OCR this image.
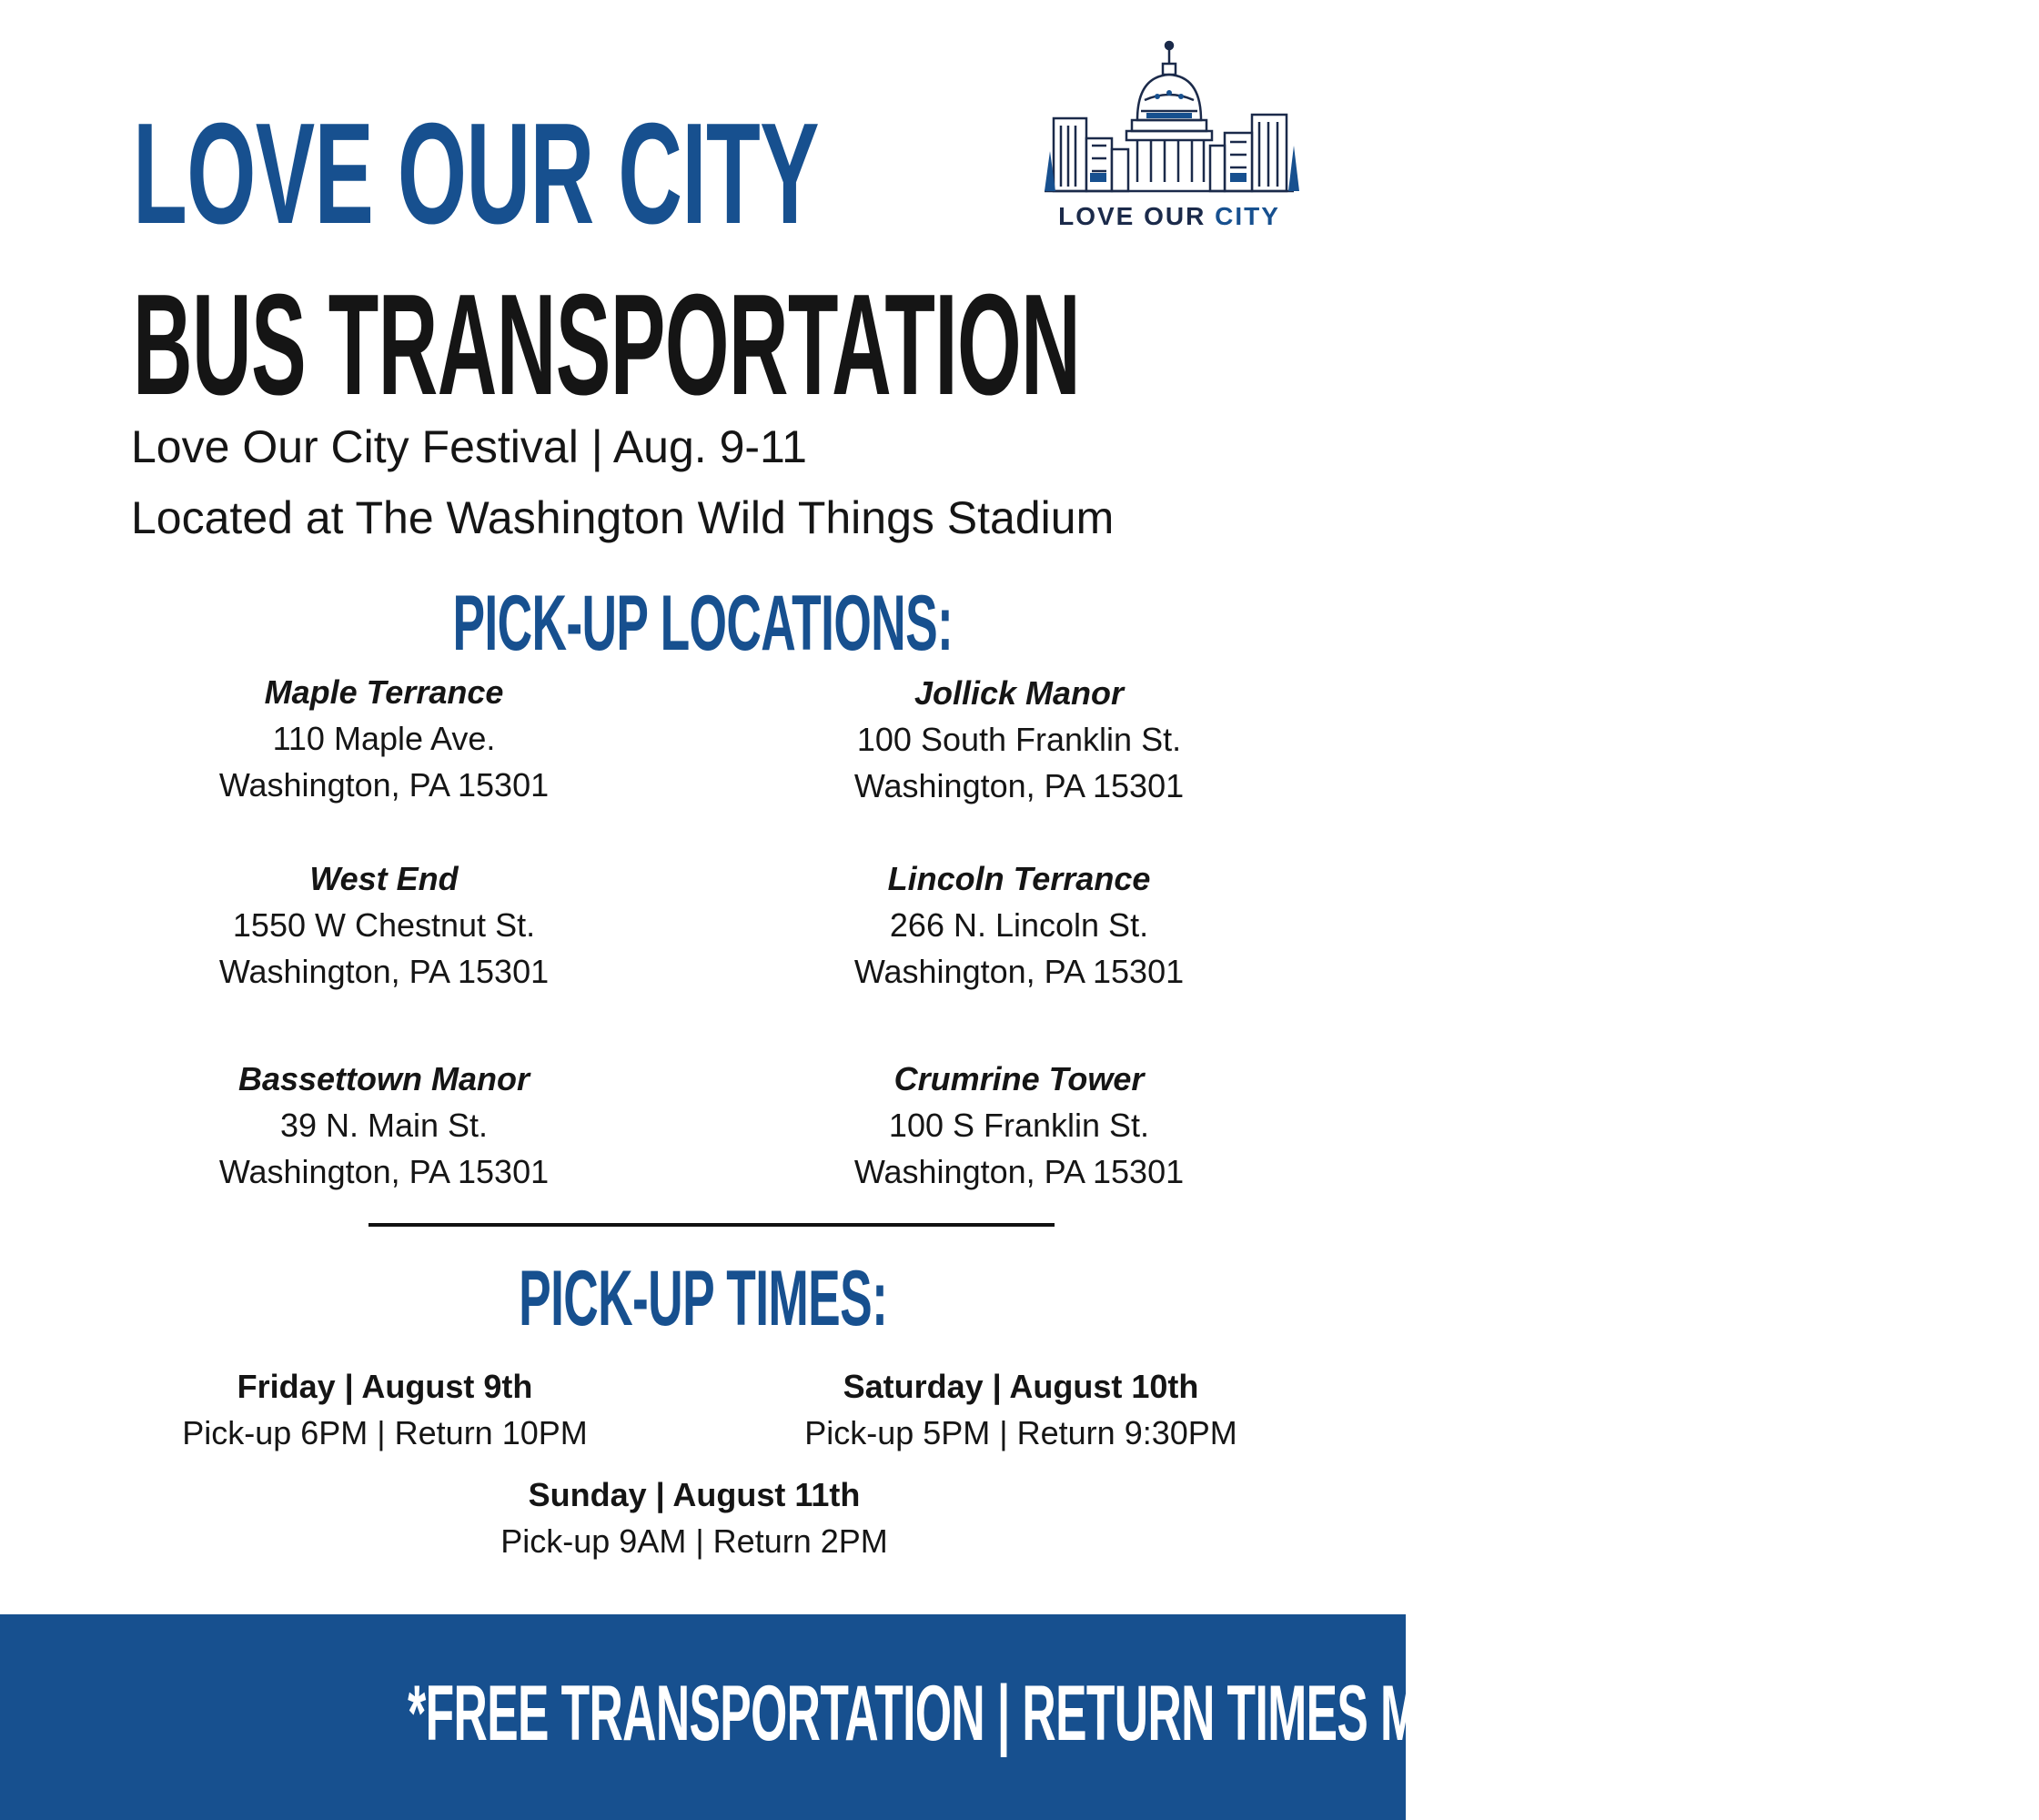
LOVE OUR CITY
BUS TRANSPORTATION
Love Our City Festival | Aug. 9-11
Located at The Washington Wild Things Stadium
LOVE OUR CITY
PICK-UP LOCATIONS:
Maple Terrance
110 Maple Ave.
Washington, PA 15301
Jollick Manor
100 South Franklin St.
Washington, PA 15301
West End
1550 W Chestnut St.
Washington, PA 15301
Lincoln Terrance
266 N. Lincoln St.
Washington, PA 15301
Bassettown Manor
39 N. Main St.
Washington, PA 15301
Crumrine Tower
100 S Franklin St.
Washington, PA 15301
PICK-UP TIMES:
Friday | August 9th
Pick-up 6PM | Return 10PM
Saturday | August 10th
Pick-up 5PM | Return 9:30PM
Sunday | August 11th
Pick-up 9AM | Return 2PM
*FREE TRANSPORTATION | RETURN TIMES MAY VARY*
